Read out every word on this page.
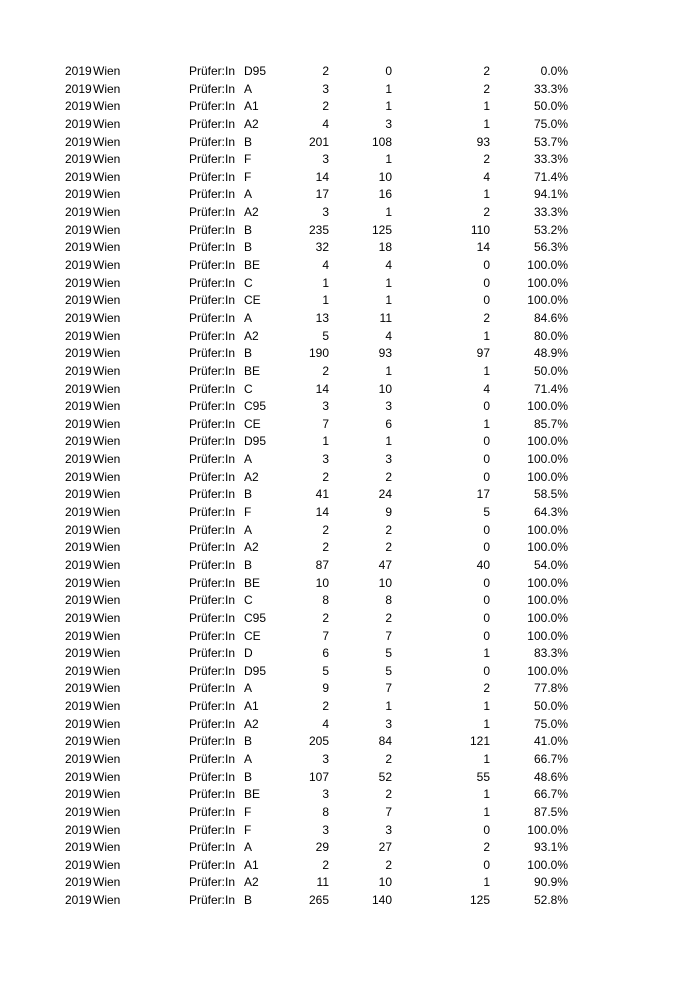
2019 Wien	Prüfer:In D95	2	0	2	0.0%
2019 Wien	Prüfer:In A	3	1	2	33.3%
2019 Wien	Prüfer:In A1	2	1	1	50.0%
2019 Wien	Prüfer:In A2	4	3	1	75.0%
2019 Wien	Prüfer:In B	201	108	93	53.7%
2019 Wien	Prüfer:In F	3	1	2	33.3%
2019 Wien	Prüfer:In F	14	10	4	71.4%
2019 Wien	Prüfer:In A	17	16	1	94.1%
2019 Wien	Prüfer:In A2	3	1	2	33.3%
2019 Wien	Prüfer:In B	235	125	110	53.2%
2019 Wien	Prüfer:In B	32	18	14	56.3%
2019 Wien	Prüfer:In BE	4	4	0	100.0%
2019 Wien	Prüfer:In C	1	1	0	100.0%
2019 Wien	Prüfer:In CE	1	1	0	100.0%
2019 Wien	Prüfer:In A	13	11	2	84.6%
2019 Wien	Prüfer:In A2	5	4	1	80.0%
2019 Wien	Prüfer:In B	190	93	97	48.9%
2019 Wien	Prüfer:In BE	2	1	1	50.0%
2019 Wien	Prüfer:In C	14	10	4	71.4%
2019 Wien	Prüfer:In C95	3	3	0	100.0%
2019 Wien	Prüfer:In CE	7	6	1	85.7%
2019 Wien	Prüfer:In D95	1	1	0	100.0%
2019 Wien	Prüfer:In A	3	3	0	100.0%
2019 Wien	Prüfer:In A2	2	2	0	100.0%
2019 Wien	Prüfer:In B	41	24	17	58.5%
2019 Wien	Prüfer:In F	14	9	5	64.3%
2019 Wien	Prüfer:In A	2	2	0	100.0%
2019 Wien	Prüfer:In A2	2	2	0	100.0%
2019 Wien	Prüfer:In B	87	47	40	54.0%
2019 Wien	Prüfer:In BE	10	10	0	100.0%
2019 Wien	Prüfer:In C	8	8	0	100.0%
2019 Wien	Prüfer:In C95	2	2	0	100.0%
2019 Wien	Prüfer:In CE	7	7	0	100.0%
2019 Wien	Prüfer:In D	6	5	1	83.3%
2019 Wien	Prüfer:In D95	5	5	0	100.0%
2019 Wien	Prüfer:In A	9	7	2	77.8%
2019 Wien	Prüfer:In A1	2	1	1	50.0%
2019 Wien	Prüfer:In A2	4	3	1	75.0%
2019 Wien	Prüfer:In B	205	84	121	41.0%
2019 Wien	Prüfer:In A	3	2	1	66.7%
2019 Wien	Prüfer:In B	107	52	55	48.6%
2019 Wien	Prüfer:In BE	3	2	1	66.7%
2019 Wien	Prüfer:In F	8	7	1	87.5%
2019 Wien	Prüfer:In F	3	3	0	100.0%
2019 Wien	Prüfer:In A	29	27	2	93.1%
2019 Wien	Prüfer:In A1	2	2	0	100.0%
2019 Wien	Prüfer:In A2	11	10	1	90.9%
2019 Wien	Prüfer:In B	265	140	125	52.8%
